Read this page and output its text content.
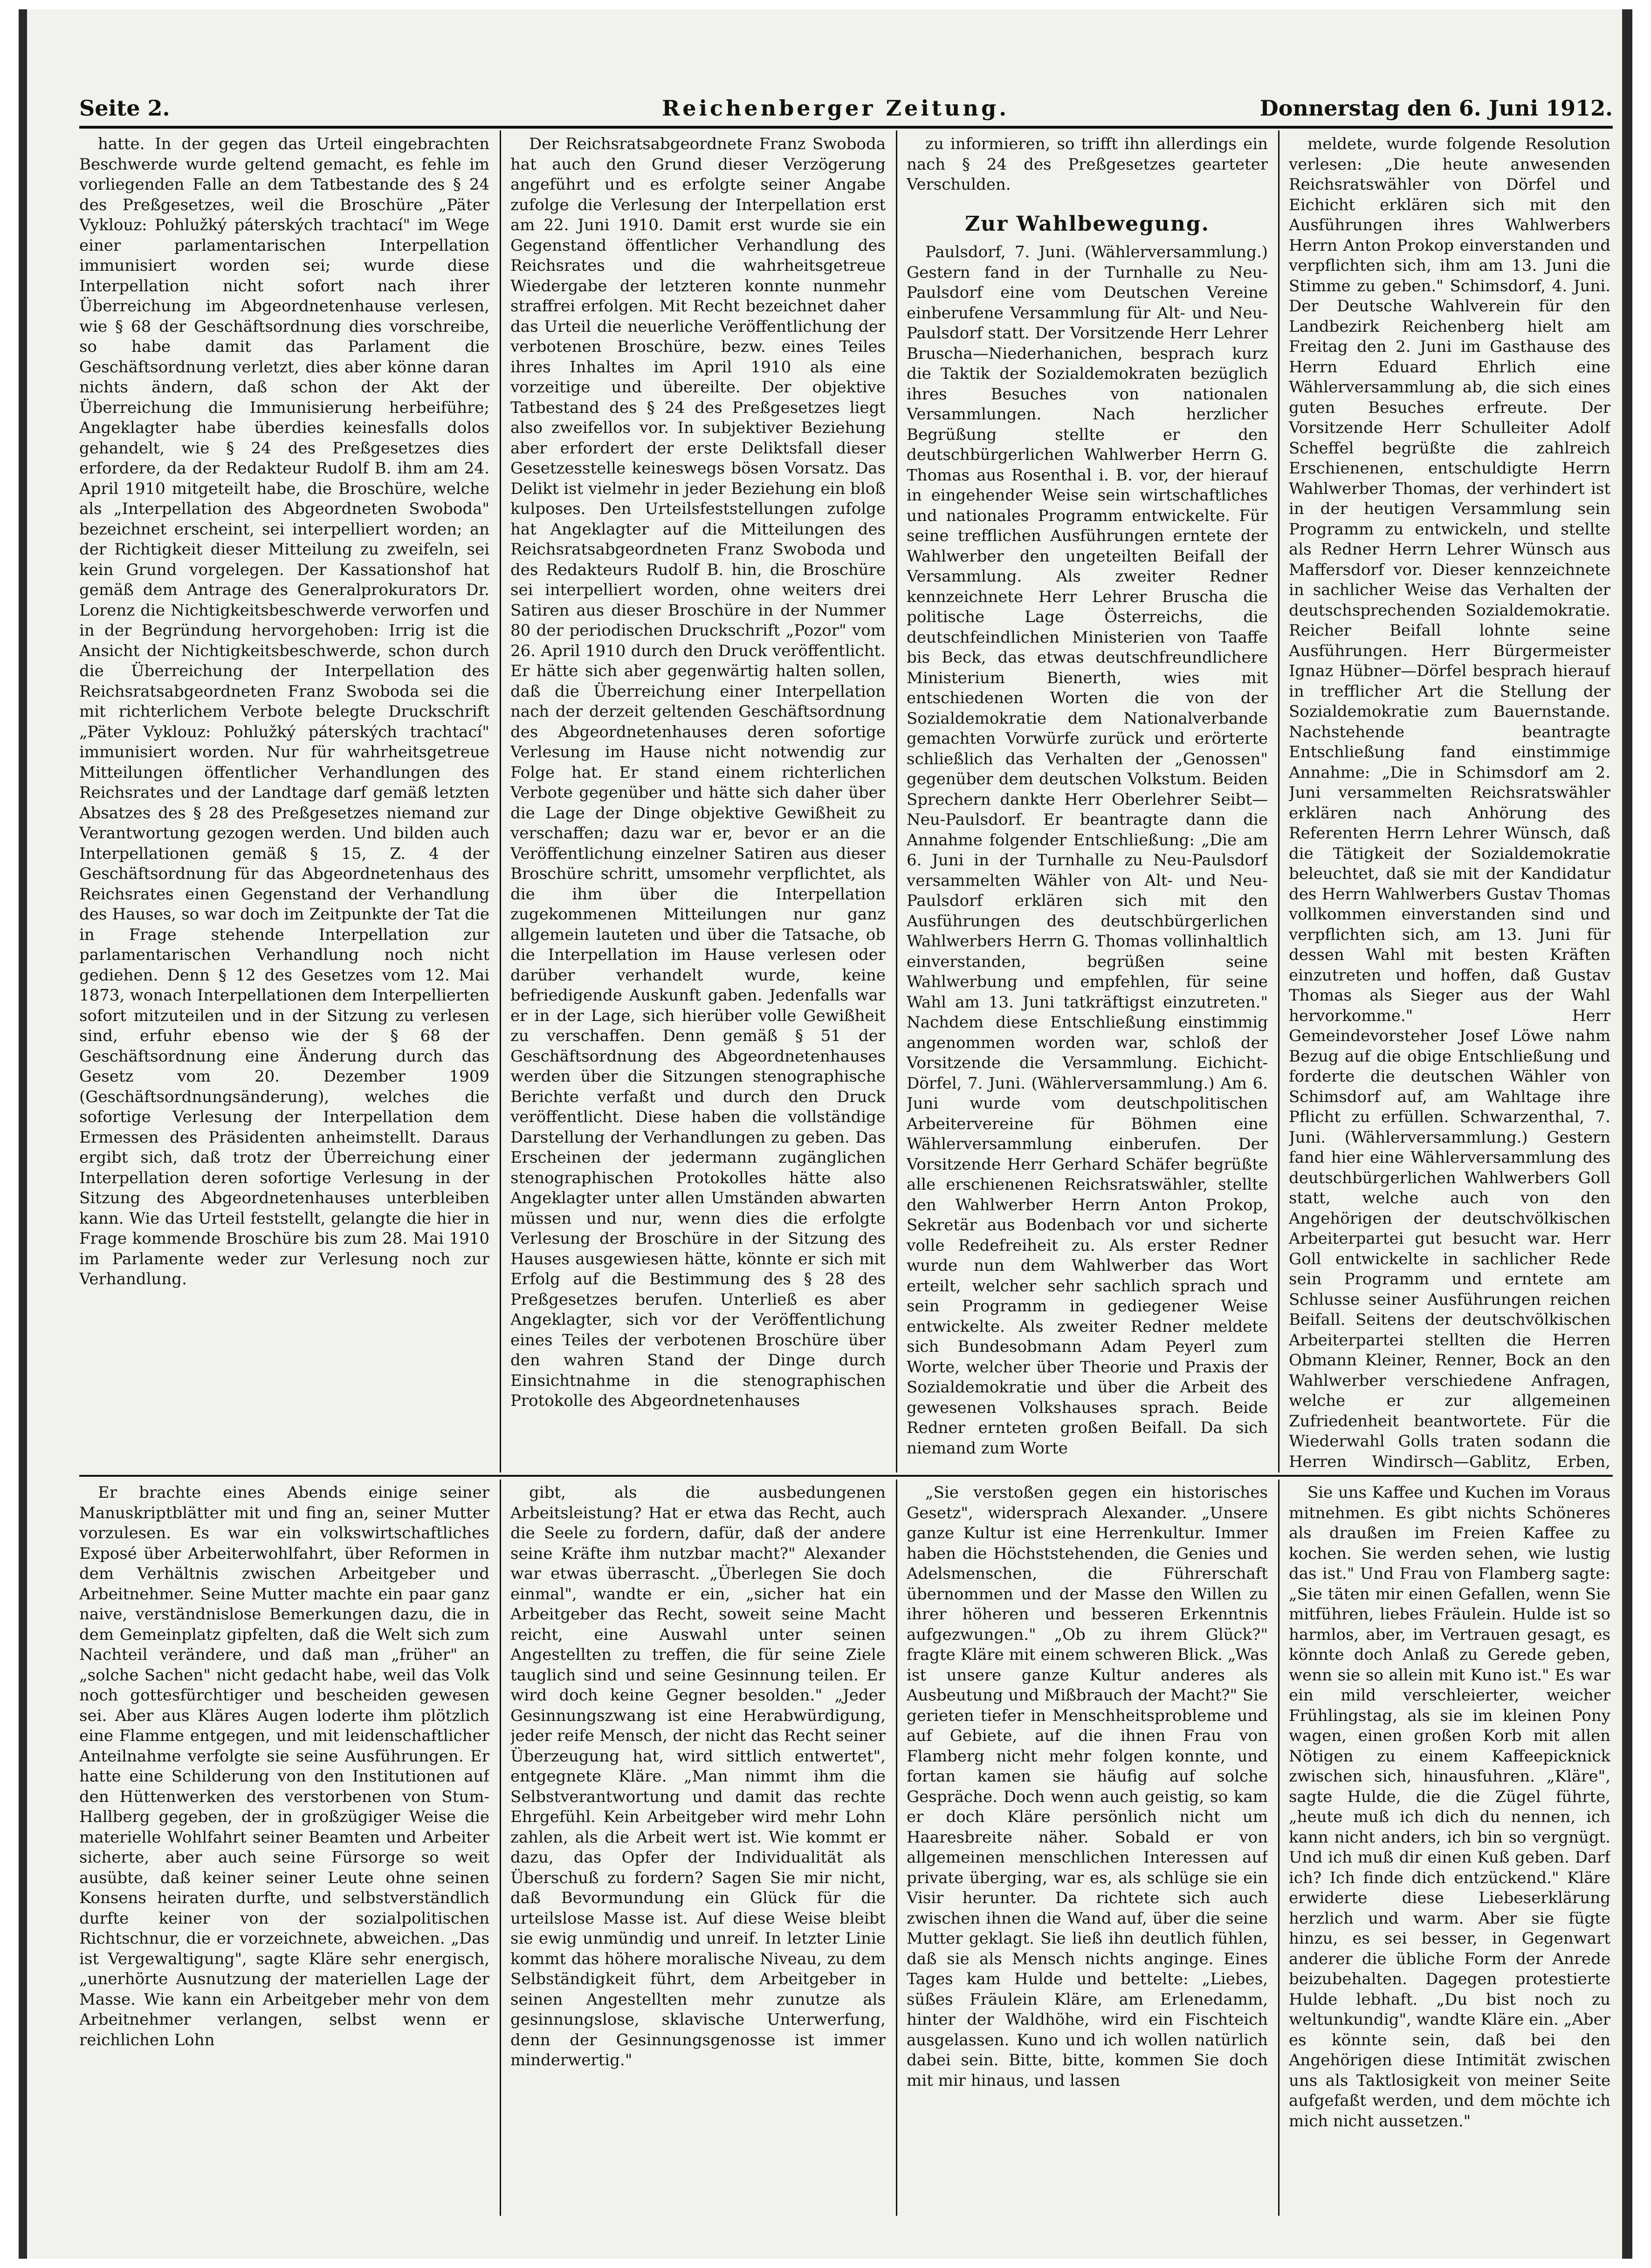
Seite 2.	Reichenberger Zeitung.	Donnerstag den 6. Juni 1912.

hatte. In der gegen das Urteil eingebrachten Beschwerde wurde geltend gemacht, es fehle im vorliegenden Falle an dem Tatbestande des § 24 des Preßgesetzes, weil die Broschüre „Päter Vyklouz: Pohlužký páterských trachtací" im Wege einer parlamentarischen Interpellation immunisiert worden sei; wurde diese Interpellation nicht sofort nach ihrer Überreichung im Abgeordnetenhause verlesen, wie § 68 der Geschäftsordnung dies vorschreibe, so habe damit das Parlament die Geschäftsordnung verletzt, dies aber könne daran nichts ändern, daß schon der Akt der Überreichung die Immunisierung herbeiführe; Angeklagter habe überdies keinesfalls dolos gehandelt, wie § 24 des Preßgesetzes dies erfordere, da der Redakteur Rudolf B. ihm am 24. April 1910 mitgeteilt habe, die Broschüre, welche als „Interpellation des Abgeordneten Swoboda" bezeichnet erscheint, sei interpelliert worden; an der Richtigkeit dieser Mitteilung zu zweifeln, sei kein Grund vorgelegen. Der Kassationshof hat gemäß dem Antrage des Generalprokurators Dr. Lorenz die Nichtigkeitsbeschwerde verworfen und in der Begründung hervorgehoben: Irrig ist die Ansicht der Nichtigkeitsbeschwerde, schon durch die Überreichung der Interpellation des Reichsratsabgeordneten Franz Swoboda sei die mit richterlichem Verbote belegte Druckschrift „Päter Vyklouz: Pohlužký páterských trachtací" immunisiert worden. Nur für wahrheitsgetreue Mitteilungen öffentlicher Verhandlungen des Reichsrates und der Landtage darf gemäß letzten Absatzes des § 28 des Preßgesetzes niemand zur Verantwortung gezogen werden. Und bilden auch Interpellationen gemäß § 15, Z. 4 der Geschäftsordnung für das Abgeordnetenhaus des Reichsrates einen Gegenstand der Verhandlung des Hauses, so war doch im Zeitpunkte der Tat die in Frage stehende Interpellation zur parlamentarischen Verhandlung noch nicht gediehen. Denn § 12 des Gesetzes vom 12. Mai 1873, wonach Interpellationen dem Interpellierten sofort mitzuteilen und in der Sitzung zu verlesen sind, erfuhr ebenso wie der § 68 der Geschäftsordnung eine Änderung durch das Gesetz vom 20. Dezember 1909 (Geschäftsordnungsänderung), welches die sofortige Verlesung der Interpellation dem Ermessen des Präsidenten anheimstellt. Daraus ergibt sich, daß trotz der Überreichung einer Interpellation deren sofortige Verlesung in der Sitzung des Abgeordnetenhauses unterbleiben kann. Wie das Urteil feststellt, gelangte die hier in Frage kommende Broschüre bis zum 28. Mai 1910 im Parlamente weder zur Verlesung noch zur Verhandlung.

Der Reichsratsabgeordnete Franz Swoboda hat auch den Grund dieser Verzögerung angeführt und es erfolgte seiner Angabe zufolge die Verlesung der Interpellation erst am 22. Juni 1910. Damit erst wurde sie ein Gegenstand öffentlicher Verhandlung des Reichsrates und die wahrheitsgetreue Wiedergabe der letzteren konnte nunmehr straffrei erfolgen. Mit Recht bezeichnet daher das Urteil die neuerliche Veröffentlichung der verbotenen Broschüre, bezw. eines Teiles ihres Inhaltes im April 1910 als eine vorzeitige und übereilte. Der objektive Tatbestand des § 24 des Preßgesetzes liegt also zweifellos vor. In subjektiver Beziehung aber erfordert der erste Deliktsfall dieser Gesetzesstelle keineswegs bösen Vorsatz. Das Delikt ist vielmehr in jeder Beziehung ein bloß kulposes. Den Urteilsfeststellungen zufolge hat Angeklagter auf die Mitteilungen des Reichsratsabgeordneten Franz Swoboda und des Redakteurs Rudolf B. hin, die Broschüre sei interpelliert worden, ohne weiters drei Satiren aus dieser Broschüre in der Nummer 80 der periodischen Druckschrift „Pozor" vom 26. April 1910 durch den Druck veröffentlicht. Er hätte sich aber gegenwärtig halten sollen, daß die Überreichung einer Interpellation nach der derzeit geltenden Geschäftsordnung des Abgeordnetenhauses deren sofortige Verlesung im Hause nicht notwendig zur Folge hat. Er stand einem richterlichen Verbote gegenüber und hätte sich daher über die Lage der Dinge objektive Gewißheit zu verschaffen; dazu war er, bevor er an die Veröffentlichung einzelner Satiren aus dieser Broschüre schritt, umsomehr verpflichtet, als die ihm über die Interpellation zugekommenen Mitteilungen nur ganz allgemein lauteten und über die Tatsache, ob die Interpellation im Hause verlesen oder darüber verhandelt wurde, keine befriedigende Auskunft gaben. Jedenfalls war er in der Lage, sich hierüber volle Gewißheit zu verschaffen. Denn gemäß § 51 der Geschäftsordnung des Abgeordnetenhauses werden über die Sitzungen stenographische Berichte verfaßt und durch den Druck veröffentlicht. Diese haben die vollständige Darstellung der Verhandlungen zu geben. Das Erscheinen der jedermann zugänglichen stenographischen Protokolles hätte also Angeklagter unter allen Umständen abwarten müssen und nur, wenn dies die erfolgte Verlesung der Broschüre in der Sitzung des Hauses ausgewiesen hätte, könnte er sich mit Erfolg auf die Bestimmung des § 28 des Preßgesetzes berufen. Unterließ es aber Angeklagter, sich vor der Veröffentlichung eines Teiles der verbotenen Broschüre über den wahren Stand der Dinge durch Einsichtnahme in die stenographischen Protokolle des Abgeordnetenhauses

zu informieren, so trifft ihn allerdings ein nach § 24 des Preßgesetzes gearteter Verschulden.

Zur Wahlbewegung.

Paulsdorf, 7. Juni. (Wählerversammlung.) Gestern fand in der Turnhalle zu Neu-Paulsdorf eine vom Deutschen Vereine einberufene Versammlung für Alt- und Neu-Paulsdorf statt. Der Vorsitzende Herr Lehrer Bruscha—Niederhanichen, besprach kurz die Taktik der Sozialdemokraten bezüglich ihres Besuches von nationalen Versammlungen. Nach herzlicher Begrüßung stellte er den deutschbürgerlichen Wahlwerber Herrn G. Thomas aus Rosenthal i. B. vor, der hierauf in eingehender Weise sein wirtschaftliches und nationales Programm entwickelte. Für seine trefflichen Ausführungen erntete der Wahlwerber den ungeteilten Beifall der Versammlung. Als zweiter Redner kennzeichnete Herr Lehrer Bruscha die politische Lage Österreichs, die deutschfeindlichen Ministerien von Taaffe bis Beck, das etwas deutschfreundlichere Ministerium Bienerth, wies mit entschiedenen Worten die von der Sozialdemokratie dem Nationalverbande gemachten Vorwürfe zurück und erörterte schließlich das Verhalten der „Genossen" gegenüber dem deutschen Volkstum. Beiden Sprechern dankte Herr Oberlehrer Seibt—Neu-Paulsdorf. Er beantragte dann die Annahme folgender Entschließung: „Die am 6. Juni in der Turnhalle zu Neu-Paulsdorf versammelten Wähler von Alt- und Neu-Paulsdorf erklären sich mit den Ausführungen des deutschbürgerlichen Wahlwerbers Herrn G. Thomas vollinhaltlich einverstanden, begrüßen seine Wahlwerbung und empfehlen, für seine Wahl am 13. Juni tatkräftigst einzutreten." Nachdem diese Entschließung einstimmig angenommen worden war, schloß der Vorsitzende die Versammlung. Eichicht-Dörfel, 7. Juni. (Wählerversammlung.) Am 6. Juni wurde vom deutschpolitischen Arbeitervereine für Böhmen eine Wählerversammlung einberufen. Der Vorsitzende Herr Gerhard Schäfer begrüßte alle erschienenen Reichsratswähler, stellte den Wahlwerber Herrn Anton Prokop, Sekretär aus Bodenbach vor und sicherte volle Redefreiheit zu. Als erster Redner wurde nun dem Wahlwerber das Wort erteilt, welcher sehr sachlich sprach und sein Programm in gediegener Weise entwickelte. Als zweiter Redner meldete sich Bundesobmann Adam Peyerl zum Worte, welcher über Theorie und Praxis der Sozialdemokratie und über die Arbeit des gewesenen Volkshauses sprach. Beide Redner ernteten großen Beifall. Da sich niemand zum Worte

meldete, wurde folgende Resolution verlesen: „Die heute anwesenden Reichsratswähler von Dörfel und Eichicht erklären sich mit den Ausführungen ihres Wahlwerbers Herrn Anton Prokop einverstanden und verpflichten sich, ihm am 13. Juni die Stimme zu geben." Schimsdorf, 4. Juni. Der Deutsche Wahlverein für den Landbezirk Reichenberg hielt am Freitag den 2. Juni im Gasthause des Herrn Eduard Ehrlich eine Wählerversammlung ab, die sich eines guten Besuches erfreute. Der Vorsitzende Herr Schulleiter Adolf Scheffel begrüßte die zahlreich Erschienenen, entschuldigte Herrn Wahlwerber Thomas, der verhindert ist in der heutigen Versammlung sein Programm zu entwickeln, und stellte als Redner Herrn Lehrer Wünsch aus Maffersdorf vor. Dieser kennzeichnete in sachlicher Weise das Verhalten der deutschsprechenden Sozialdemokratie. Reicher Beifall lohnte seine Ausführungen. Herr Bürgermeister Ignaz Hübner—Dörfel besprach hierauf in trefflicher Art die Stellung der Sozialdemokratie zum Bauernstande. Nachstehende beantragte Entschließung fand einstimmige Annahme: „Die in Schimsdorf am 2. Juni versammelten Reichsratswähler erklären nach Anhörung des Referenten Herrn Lehrer Wünsch, daß die Tätigkeit der Sozialdemokratie beleuchtet, daß sie mit der Kandidatur des Herrn Wahlwerbers Gustav Thomas vollkommen einverstanden sind und verpflichten sich, am 13. Juni für dessen Wahl mit besten Kräften einzutreten und hoffen, daß Gustav Thomas als Sieger aus der Wahl hervorkomme." Herr Gemeindevorsteher Josef Löwe nahm Bezug auf die obige Entschließung und forderte die deutschen Wähler von Schimsdorf auf, am Wahltage ihre Pflicht zu erfüllen. Schwarzenthal, 7. Juni. (Wählerversammlung.) Gestern fand hier eine Wählerversammlung des deutschbürgerlichen Wahlwerbers Goll statt, welche auch von den Angehörigen der deutschvölkischen Arbeiterpartei gut besucht war. Herr Goll entwickelte in sachlicher Rede sein Programm und erntete am Schlusse seiner Ausführungen reichen Beifall. Seitens der deutschvölkischen Arbeiterpartei stellten die Herren Obmann Kleiner, Renner, Bock an den Wahlwerber verschiedene Anfragen, welche er zur allgemeinen Zufriedenheit beantwortete. Für die Wiederwahl Golls traten sodann die Herren Windirsch—Gablitz, Erben,

Er brachte eines Abends einige seiner Manuskriptblätter mit und fing an, seiner Mutter vorzulesen. Es war ein volkswirtschaftliches Exposé über Arbeiterwohlfahrt, über Reformen in dem Verhältnis zwischen Arbeitgeber und Arbeitnehmer. Seine Mutter machte ein paar ganz naive, verständnislose Bemerkungen dazu, die in dem Gemeinplatz gipfelten, daß die Welt sich zum Nachteil verändere, und daß man „früher" an „solche Sachen" nicht gedacht habe, weil das Volk noch gottesfürchtiger und bescheiden gewesen sei. Aber aus Kläres Augen loderte ihm plötzlich eine Flamme entgegen, und mit leidenschaftlicher Anteilnahme verfolgte sie seine Ausführungen. Er hatte eine Schilderung von den Institutionen auf den Hüttenwerken des verstorbenen von Stum-Hallberg gegeben, der in großzügiger Weise die materielle Wohlfahrt seiner Beamten und Arbeiter sicherte, aber auch seine Fürsorge so weit ausübte, daß keiner seiner Leute ohne seinen Konsens heiraten durfte, und selbstverständlich durfte keiner von der sozialpolitischen Richtschnur, die er vorzeichnete, abweichen. „Das ist Vergewaltigung", sagte Kläre sehr energisch, „unerhörte Ausnutzung der materiellen Lage der Masse. Wie kann ein Arbeitgeber mehr von dem Arbeitnehmer verlangen, selbst wenn er reichlichen Lohn

gibt, als die ausbedungenen Arbeitsleistung? Hat er etwa das Recht, auch die Seele zu fordern, dafür, daß der andere seine Kräfte ihm nutzbar macht?" Alexander war etwas überrascht. „Überlegen Sie doch einmal", wandte er ein, „sicher hat ein Arbeitgeber das Recht, soweit seine Macht reicht, eine Auswahl unter seinen Angestellten zu treffen, die für seine Ziele tauglich sind und seine Gesinnung teilen. Er wird doch keine Gegner besolden." „Jeder Gesinnungszwang ist eine Herabwürdigung, jeder reife Mensch, der nicht das Recht seiner Überzeugung hat, wird sittlich entwertet", entgegnete Kläre. „Man nimmt ihm die Selbstverantwortung und damit das rechte Ehrgefühl. Kein Arbeitgeber wird mehr Lohn zahlen, als die Arbeit wert ist. Wie kommt er dazu, das Opfer der Individualität als Überschuß zu fordern? Sagen Sie mir nicht, daß Bevormundung ein Glück für die urteilslose Masse ist. Auf diese Weise bleibt sie ewig unmündig und unreif. In letzter Linie kommt das höhere moralische Niveau, zu dem Selbständigkeit führt, dem Arbeitgeber in seinen Angestellten mehr zunutze als gesinnungslose, sklavische Unterwerfung, denn der Gesinnungsgenosse ist immer minderwertig."

„Sie verstoßen gegen ein historisches Gesetz", widersprach Alexander. „Unsere ganze Kultur ist eine Herrenkultur. Immer haben die Höchststehenden, die Genies und Adelsmenschen, die Führerschaft übernommen und der Masse den Willen zu ihrer höheren und besseren Erkenntnis aufgezwungen." „Ob zu ihrem Glück?" fragte Kläre mit einem schweren Blick. „Was ist unsere ganze Kultur anderes als Ausbeutung und Mißbrauch der Macht?" Sie gerieten tiefer in Menschheitsprobleme und auf Gebiete, auf die ihnen Frau von Flamberg nicht mehr folgen konnte, und fortan kamen sie häufig auf solche Gespräche. Doch wenn auch geistig, so kam er doch Kläre persönlich nicht um Haaresbreite näher. Sobald er von allgemeinen menschlichen Interessen auf private überging, war es, als schlüge sie ein Visir herunter. Da richtete sich auch zwischen ihnen die Wand auf, über die seine Mutter geklagt. Sie ließ ihn deutlich fühlen, daß sie als Mensch nichts anginge. Eines Tages kam Hulde und bettelte: „Liebes, süßes Fräulein Kläre, am Erlenedamm, hinter der Waldhöhe, wird ein Fischteich ausgelassen. Kuno und ich wollen natürlich dabei sein. Bitte, bitte, kommen Sie doch mit mir hinaus, und lassen

Sie uns Kaffee und Kuchen im Voraus mitnehmen. Es gibt nichts Schöneres als draußen im Freien Kaffee zu kochen. Sie werden sehen, wie lustig das ist." Und Frau von Flamberg sagte: „Sie täten mir einen Gefallen, wenn Sie mitführen, liebes Fräulein. Hulde ist so harmlos, aber, im Vertrauen gesagt, es könnte doch Anlaß zu Gerede geben, wenn sie so allein mit Kuno ist." Es war ein mild verschleierter, weicher Frühlingstag, als sie im kleinen Pony wagen, einen großen Korb mit allen Nötigen zu einem Kaffeepicknick zwischen sich, hinausfuhren. „Kläre", sagte Hulde, die die Zügel führte, „heute muß ich dich du nennen, ich kann nicht anders, ich bin so vergnügt. Und ich muß dir einen Kuß geben. Darf ich? Ich finde dich entzückend." Kläre erwiderte diese Liebeserklärung herzlich und warm. Aber sie fügte hinzu, es sei besser, in Gegenwart anderer die übliche Form der Anrede beizubehalten. Dagegen protestierte Hulde lebhaft. „Du bist noch zu weltunkundig", wandte Kläre ein. „Aber es könnte sein, daß bei den Angehörigen diese Intimität zwischen uns als Taktlosigkeit von meiner Seite aufgefaßt werden, und dem möchte ich mich nicht aussetzen."
